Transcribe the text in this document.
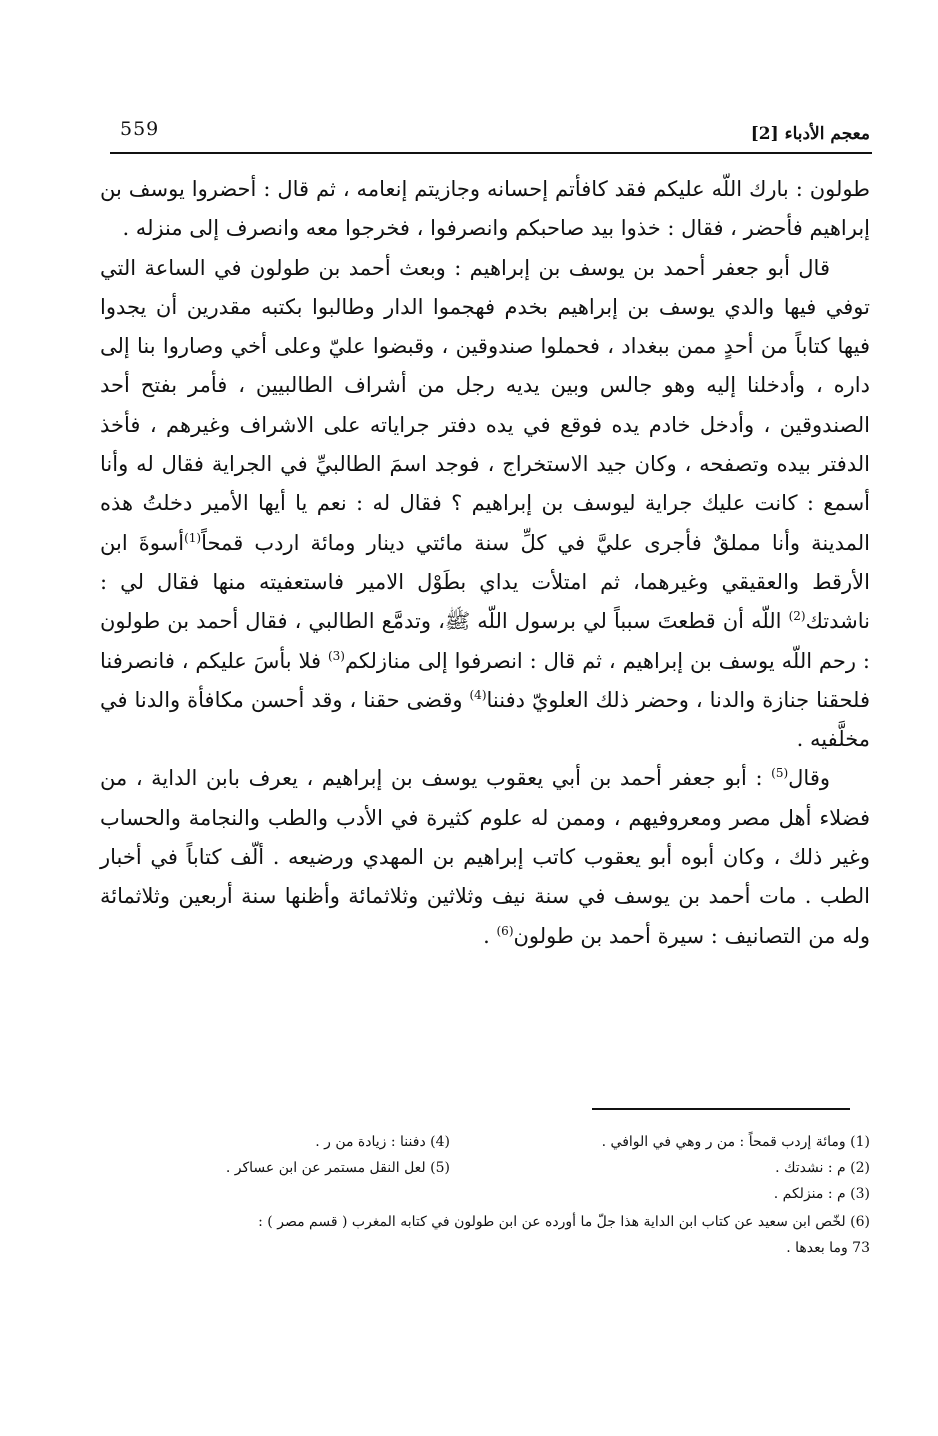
559	معجم الأدباء [2]

طولون : بارك اللّه عليكم فقد كافأتم إحسانه وجازيتم إنعامه ، ثم قال : أحضروا يوسف بن إبراهيم فأحضر ، فقال : خذوا بيد صاحبكم وانصرفوا ، فخرجوا معه وانصرف إلى منزله .

قال أبو جعفر أحمد بن يوسف بن إبراهيم : وبعث أحمد بن طولون في الساعة التي توفي فيها والدي يوسف بن إبراهيم بخدم فهجموا الدار وطالبوا بكتبه مقدرين أن يجدوا فيها كتاباً من أحدٍ ممن ببغداد ، فحملوا صندوقين ، وقبضوا عليّ وعلى أخي وصاروا بنا إلى داره ، وأدخلنا إليه وهو جالس وبين يديه رجل من أشراف الطالبيين ، فأمر بفتح أحد الصندوقين ، وأدخل خادم يده فوقع في يده دفتر جراياته على الاشراف وغيرهم ، فأخذ الدفتر بيده وتصفحه ، وكان جيد الاستخراج ، فوجد اسمَ الطالبيِّ في الجراية فقال له وأنا أسمع : كانت عليك جراية ليوسف بن إبراهيم ؟ فقال له : نعم يا أيها الأمير دخلتُ هذه المدينة وأنا مملقٌ فأجرى عليَّ في كلِّ سنة مائتي دينار ومائة اردب قمحاً$^{(1)}$أسوةَ ابن الأرقط والعقيقي وغيرهما، ثم امتلأت يداي بطَوْل الامير فاستعفيته منها فقال لي : ناشدتك$^{(2)}$ اللّه أن قطعتَ سبباً لي برسول اللّه ﷺ، وتدمَّع الطالبي ، فقال أحمد بن طولون : رحم اللّه يوسف بن إبراهيم ، ثم قال : انصرفوا إلى منازلكم$^{(3)}$ فلا بأسَ عليكم ، فانصرفنا فلحقنا جنازة والدنا ، وحضر ذلك العلويّ دفننا$^{(4)}$ وقضى حقنا ، وقد أحسن مكافأة والدنا في مخلَّفيه .

وقال$^{(5)}$ : أبو جعفر أحمد بن أبي يعقوب يوسف بن إبراهيم ، يعرف بابن الداية ، من فضلاء أهل مصر ومعروفيهم ، وممن له علوم كثيرة في الأدب والطب والنجامة والحساب وغير ذلك ، وكان أبوه أبو يعقوب كاتب إبراهيم بن المهدي ورضيعه . ألّف كتاباً في أخبار الطب . مات أحمد بن يوسف في سنة نيف وثلاثين وثلاثمائة وأظنها سنة أربعين وثلاثمائة وله من التصانيف : سيرة أحمد بن طولون$^{(6)}$ .

(1) ومائة إردب قمحاً : من ر وهي في الوافي .

(2) م : نشدتك .

(3) م : منزلكم .

(4) دفننا : زيادة من ر .

(5) لعل النقل مستمر عن ابن عساكر .

(6) لخّص ابن سعيد عن كتاب ابن الداية هذا جلّ ما أورده عن ابن طولون في كتابه المغرب ( قسم مصر ) :

73 وما بعدها .
